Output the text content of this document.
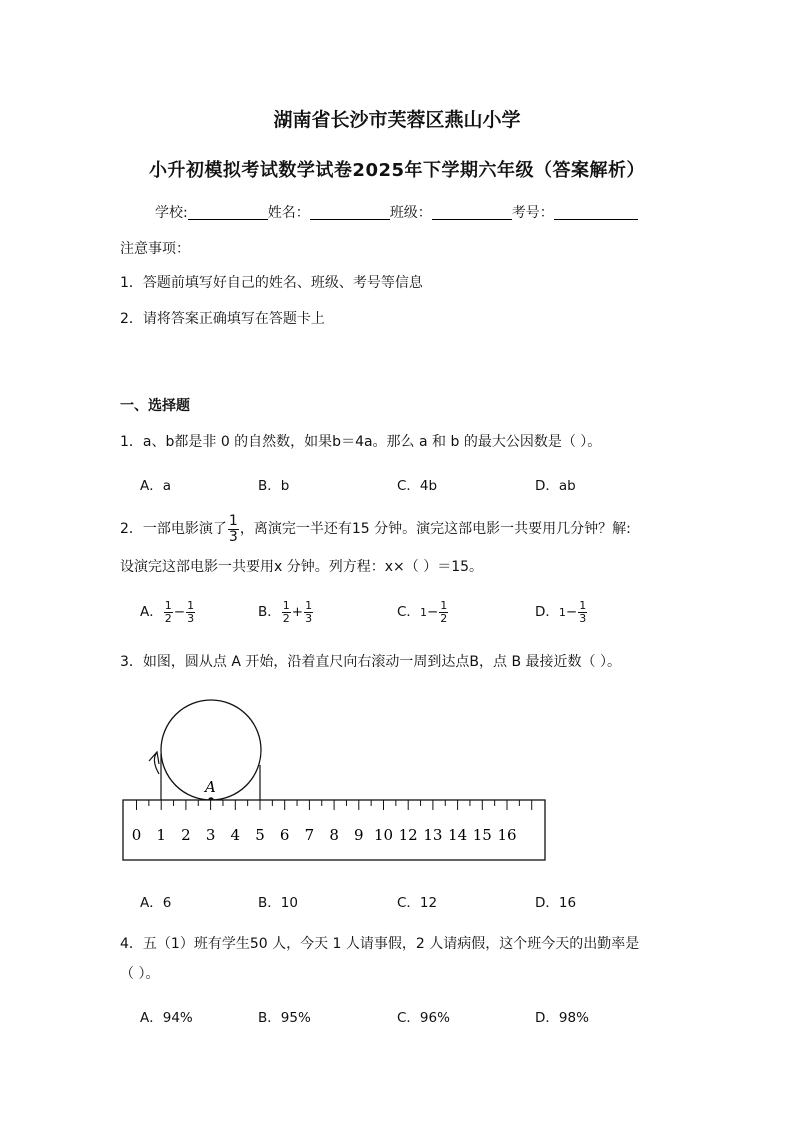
湖南省长沙市芙蓉区燕山小学
小升初模拟考试数学试卷2025年下学期六年级（答案解析）
学校:	姓名：	班级：	考号：
注意事项：
1．答题前填写好自己的姓名、班级、考号等信息
2．请将答案正确填写在答题卡上
一、选择题
1．a、b都是非 0 的自然数，如果b＝4a。那么 a 和 b 的最大公因数是（ ）。
A．a	B．b	C．4b	D．ab
2．一部电影演了 $\frac{1}{3}$ ，离演完一半还有15 分钟。演完这部电影一共要用几分钟？解:
设演完这部电影一共要用x 分钟。列方程：x×（ ）＝15。
A． $\frac{1}{2} - \frac{1}{3}$	B． $\frac{1}{2} + \frac{1}{3}$	C．$1- \frac{1}{2}$	D．$1- \frac{1}{3}$
3．如图，圆从点 A 开始，沿着直尺向右滚动一周到达点B，点 B 最接近数（ ）。
A
0 1 2 3 4 5 6 7 8 9 10 12 13 14 15 16
A．6	B．10	C．12	D．16
4．五（1）班有学生50 人，今天 1 人请事假，2 人请病假，这个班今天的出勤率是
（ ）。
A．94%	B．95%	C．96%	D．98%
